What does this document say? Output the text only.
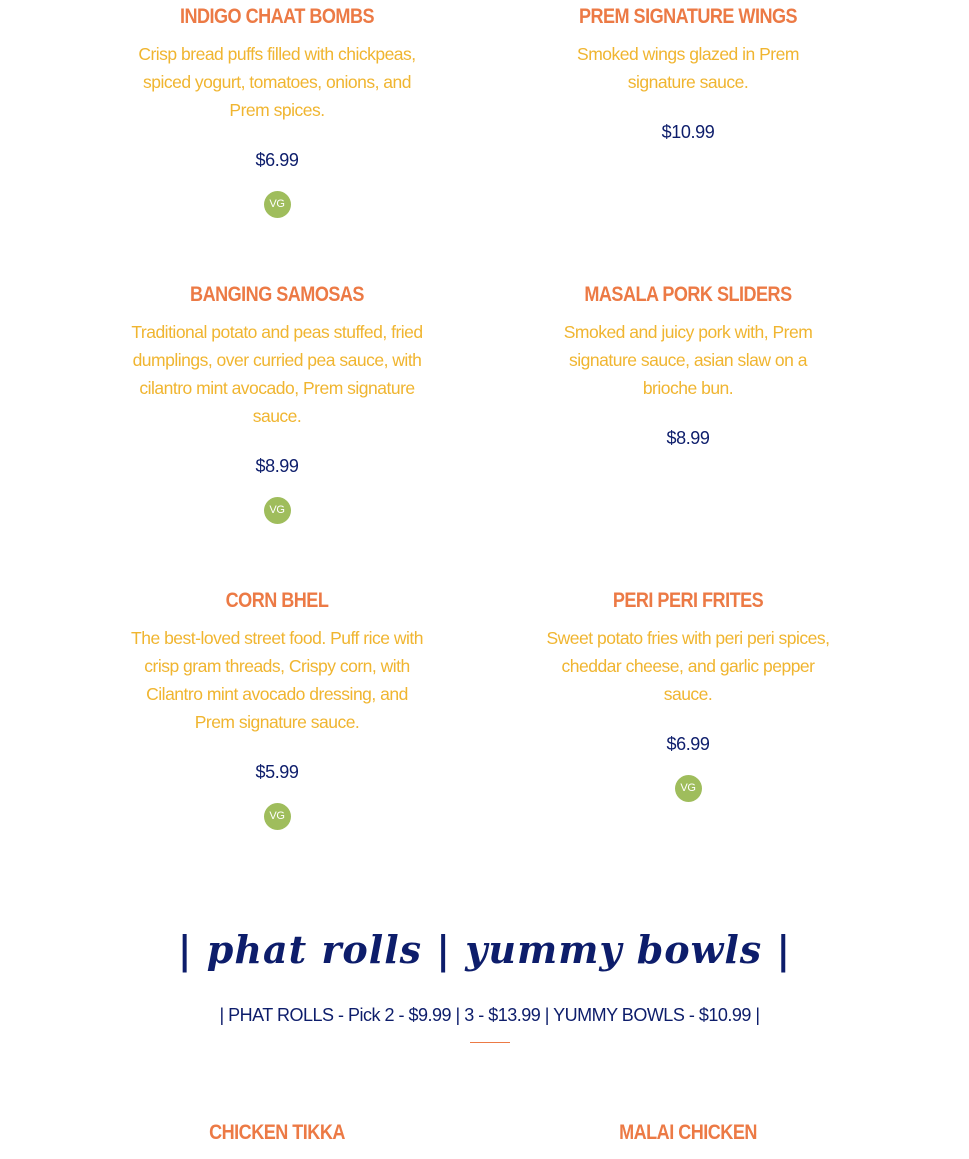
INDIGO CHAAT BOMBS

Crisp bread puffs filled with chickpeas, spiced yogurt, tomatoes, onions, and Prem spices.

$6.99

VG
PREM SIGNATURE WINGS

Smoked wings glazed in Prem signature sauce.

$10.99

BANGING SAMOSAS

Traditional potato and peas stuffed, fried dumplings, over curried pea sauce, with cilantro mint avocado, Prem signature sauce.

$8.99

VG
MASALA PORK SLIDERS

Smoked and juicy pork with, Prem signature sauce, asian slaw on a brioche bun.

$8.99

CORN BHEL

The best-loved street food. Puff rice with crisp gram threads, Crispy corn, with Cilantro mint avocado dressing, and Prem signature sauce.

$5.99

VG
PERI PERI FRITES

Sweet potato fries with peri peri spices, cheddar cheese, and garlic pepper sauce.

$6.99

VG
| phat rolls | yummy bowls |

| PHAT ROLLS - Pick 2 - $9.99 | 3 - $13.99 | YUMMY BOWLS - $10.99 |

CHICKEN TIKKA	MALAI CHICKEN
